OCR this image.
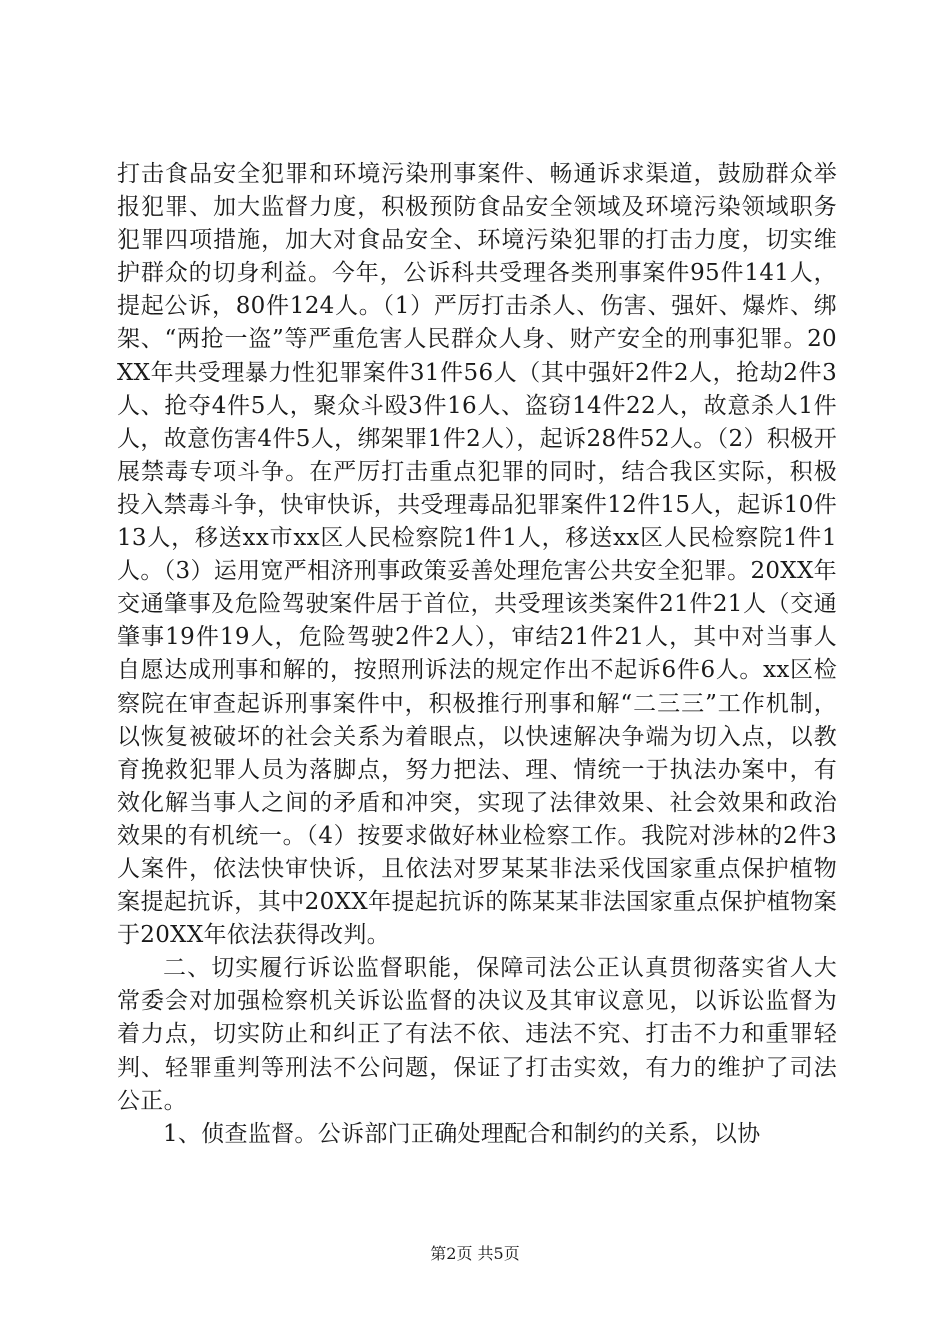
打击食品安全犯罪和环境污染刑事案件、畅通诉求渠道，鼓励群众举报犯罪、加大监督力度，积极预防食品安全领域及环境污染领域职务犯罪四项措施，加大对食品安全、环境污染犯罪的打击力度，切实维护群众的切身利益。今年，公诉科共受理各类刑事案件95件141人，提起公诉，80件124人。（1）严厉打击杀人、伤害、强奸、爆炸、绑架、“两抢一盗”等严重危害人民群众人身、财产安全的刑事犯罪。20XX年共受理暴力性犯罪案件31件56人（其中强奸2件2人，抢劫2件3人、抢夺4件5人，聚众斗殴3件16人、盗窃14件22人，故意杀人1件人，故意伤害4件5人，绑架罪1件2人），起诉28件52人。（2）积极开展禁毒专项斗争。在严厉打击重点犯罪的同时，结合我区实际，积极投入禁毒斗争，快审快诉，共受理毒品犯罪案件12件15人，起诉10件13人，移送xx市xx区人民检察院1件1人，移送xx区人民检察院1件1人。（3）运用宽严相济刑事政策妥善处理危害公共安全犯罪。20XX年交通肇事及危险驾驶案件居于首位，共受理该类案件21件21人（交通肇事19件19人，危险驾驶2件2人），审结21件21人，其中对当事人自愿达成刑事和解的，按照刑诉法的规定作出不起诉6件6人。xx区检察院在审查起诉刑事案件中，积极推行刑事和解“二三三”工作机制，以恢复被破坏的社会关系为着眼点，以快速解决争端为切入点，以教育挽救犯罪人员为落脚点，努力把法、理、情统一于执法办案中，有效化解当事人之间的矛盾和冲突，实现了法律效果、社会效果和政治效果的有机统一。（4）按要求做好林业检察工作。我院对涉林的2件3人案件，依法快审快诉，且依法对罗某某非法采伐国家重点保护植物案提起抗诉，其中20XX年提起抗诉的陈某某非法国家重点保护植物案于20XX年依法获得改判。

二、切实履行诉讼监督职能，保障司法公正认真贯彻落实省人大常委会对加强检察机关诉讼监督的决议及其审议意见，以诉讼监督为着力点，切实防止和纠正了有法不依、违法不究、打击不力和重罪轻判、轻罪重判等刑法不公问题，保证了打击实效，有力的维护了司法公正。

1、侦查监督。公诉部门正确处理配合和制约的关系，以协

第2页 共5页
